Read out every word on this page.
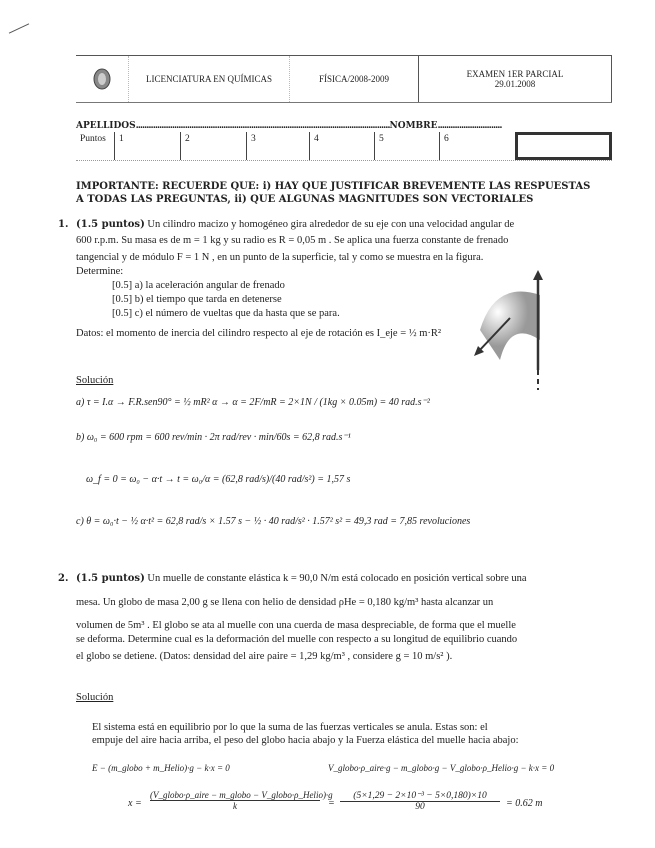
LICENCIATURA EN QUÍMICAS	FÍSICA/2008-2009	EXAMEN 1ER PARCIAL
29.01.2008
APELLIDOS.......................................................................................................................NOMBRE..............................
Puntos	1	2	3	4	5	6
IMPORTANTE: RECUERDE QUE: i) HAY QUE JUSTIFICAR BREVEMENTE LAS RESPUESTAS
A TODAS LAS PREGUNTAS, ii) QUE ALGUNAS MAGNITUDES SON VECTORIALES
1. (1.5 puntos) Un cilindro macizo y homogéneo gira alrededor de su eje con una velocidad angular de
600 r.p.m. Su masa es de m = 1 kg y su radio es R = 0,05 m . Se aplica una fuerza constante de frenado
tangencial y de módulo F = 1 N , en un punto de la superficie, tal y como se muestra en la figura.
Determine:
[0.5] a) la aceleración angular de frenado
[0.5] b) el tiempo que tarda en detenerse
[0.5] c) el número de vueltas que da hasta que se para.
Datos: el momento de inercia del cilindro respecto al eje de rotación es I_eje = ½ m·R²
Solución
a) τ = I.α → F.R.sen90° = ½ mR² α → α = 2F/mR = 2×1N / (1kg × 0.05m) = 40 rad.s⁻²
b) ω₀ = 600 rpm = 600 rev/min · 2π rad/rev · min/60s = 62,8 rad.s⁻¹
ω_f = 0 = ω₀ − α·t → t = ω₀/α = (62,8 rad/s)/(40 rad/s²) = 1,57 s
c) θ = ω₀·t − ½ α·t² = 62,8 rad/s × 1.57 s − ½ · 40 rad/s² · 1.57² s² = 49,3 rad = 7,85 revoluciones
2. (1.5 puntos) Un muelle de constante elástica k = 90,0 N/m está colocado en posición vertical sobre una
mesa. Un globo de masa 2,00 g se llena con helio de densidad ρHe = 0,180 kg/m³ hasta alcanzar un
volumen de 5m³ . El globo se ata al muelle con una cuerda de masa despreciable, de forma que el muelle
se deforma. Determine cual es la deformación del muelle con respecto a su longitud de equilibrio cuando
el globo se detiene. (Datos: densidad del aire ρaire = 1,29 kg/m³ , considere g = 10 m/s² ).
Solución
El sistema está en equilibrio por lo que la suma de las fuerzas verticales se anula. Estas son: el
empuje del aire hacia arriba, el peso del globo hacia abajo y la Fuerza elástica del muelle hacia abajo:
E − (m_globo + m_Helio)·g − k·x = 0	V_globo·ρ_aire·g − m_globo·g − V_globo·ρ_Helio·g − k·x = 0
x =
(V_globo·ρ_aire − m_globo − V_globo·ρ_Helio)·g
k	=
(5×1,29 − 2×10⁻³ − 5×0,180)×10
90	= 0.62 m
